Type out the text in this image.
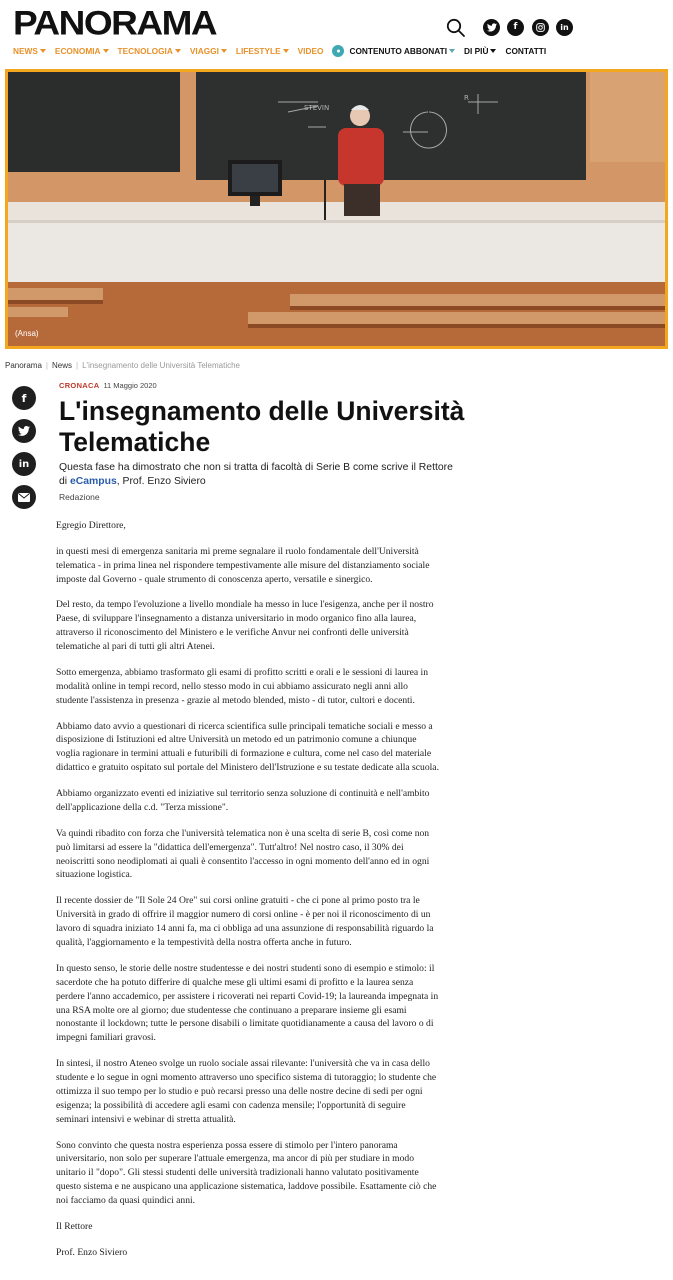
PANORAMA	f	in
NEWS ECONOMIA TECNOLOGIA VIAGGI LIFESTYLE VIDEO	●	CONTENUTO ABBONATI DI PIÙ CONTATTI
STEVIN
R
(Ansa)
Panorama | News | L'insegnamento delle Università Telematiche
f
in
CRONACA 11 Maggio 2020
L'insegnamento delle Università Telematiche
Questa fase ha dimostrato che non si tratta di facoltà di Serie B come scrive il Rettore di eCampus, Prof. Enzo Siviero
Redazione

Egregio Direttore,

in questi mesi di emergenza sanitaria mi preme segnalare il ruolo fondamentale dell'Università telematica - in prima linea nel rispondere tempestivamente alle misure del distanziamento sociale imposte dal Governo - quale strumento di conoscenza aperto, versatile e sinergico.

Del resto, da tempo l'evoluzione a livello mondiale ha messo in luce l'esigenza, anche per il nostro Paese, di sviluppare l'insegnamento a distanza universitario in modo organico fino alla laurea, attraverso il riconoscimento del Ministero e le verifiche Anvur nei confronti delle università telematiche al pari di tutti gli altri Atenei.

Sotto emergenza, abbiamo trasformato gli esami di profitto scritti e orali e le sessioni di laurea in modalità online in tempi record, nello stesso modo in cui abbiamo assicurato negli anni allo studente l'assistenza in presenza - grazie al metodo blended, misto - di tutor, cultori e docenti.

Abbiamo dato avvio a questionari di ricerca scientifica sulle principali tematiche sociali e messo a disposizione di Istituzioni ed altre Università un metodo ed un patrimonio comune a chiunque voglia ragionare in termini attuali e futuribili di formazione e cultura, come nel caso del materiale didattico e gratuito ospitato sul portale del Ministero dell'Istruzione e su testate dedicate alla scuola.

Abbiamo organizzato eventi ed iniziative sul territorio senza soluzione di continuità e nell'ambito dell'applicazione della c.d. "Terza missione".

Va quindi ribadito con forza che l'università telematica non è una scelta di serie B, così come non può limitarsi ad essere la "didattica dell'emergenza". Tutt'altro! Nel nostro caso, il 30% dei neoiscritti sono neodiplomati ai quali è consentito l'accesso in ogni momento dell'anno ed in ogni situazione logistica.

Il recente dossier de "Il Sole 24 Ore" sui corsi online gratuiti - che ci pone al primo posto tra le Università in grado di offrire il maggior numero di corsi online - è per noi il riconoscimento di un lavoro di squadra iniziato 14 anni fa, ma ci obbliga ad una assunzione di responsabilità riguardo la qualità, l'aggiornamento e la tempestività della nostra offerta anche in futuro.

In questo senso, le storie delle nostre studentesse e dei nostri studenti sono di esempio e stimolo: il sacerdote che ha potuto differire di qualche mese gli ultimi esami di profitto e la laurea senza perdere l'anno accademico, per assistere i ricoverati nei reparti Covid-19; la laureanda impegnata in una RSA molte ore al giorno; due studentesse che continuano a preparare insieme gli esami nonostante il lockdown; tutte le persone disabili o limitate quotidianamente a causa del lavoro o di impegni familiari gravosi.

In sintesi, il nostro Ateneo svolge un ruolo sociale assai rilevante: l'università che va in casa dello studente e lo segue in ogni momento attraverso uno specifico sistema di tutoraggio; lo studente che ottimizza il suo tempo per lo studio e può recarsi presso una delle nostre decine di sedi per ogni esigenza; la possibilità di accedere agli esami con cadenza mensile; l'opportunità di seguire seminari intensivi e webinar di stretta attualità.

Sono convinto che questa nostra esperienza possa essere di stimolo per l'intero panorama universitario, non solo per superare l'attuale emergenza, ma ancor di più per studiare in modo unitario il "dopo". Gli stessi studenti delle università tradizionali hanno valutato positivamente questo sistema e ne auspicano una applicazione sistematica, laddove possibile. Esattamente ciò che noi facciamo da quasi quindici anni.

Il Rettore

Prof. Enzo Siviero
